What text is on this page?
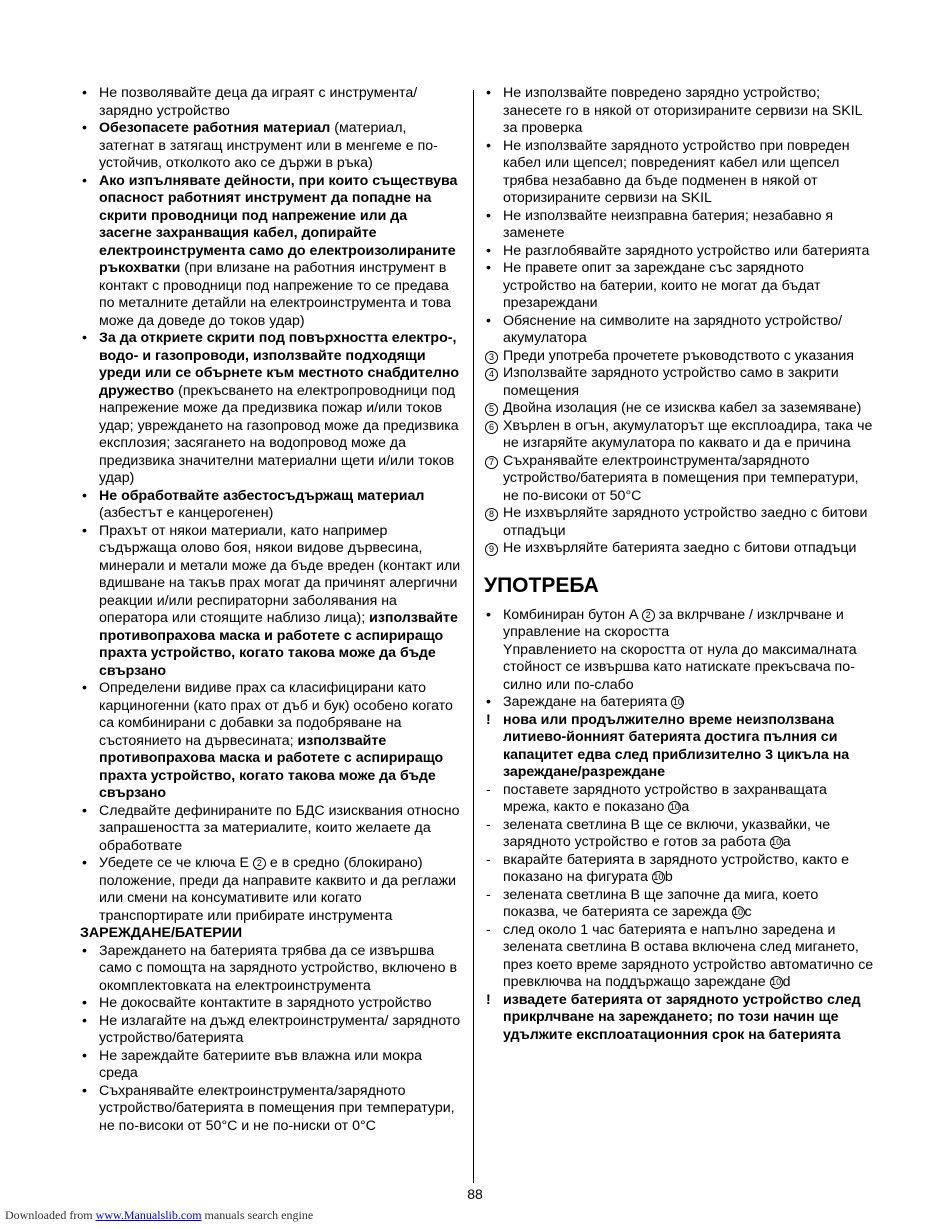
• Не позволявайте деца да играят с инструмента/ зарядно устройство
• Обезопасете работния материал (материал, затегнат в затягащ инструмент или в менгеме е по-устойчив, отколкото ако се държи в ръка)
• Ако изпълнявате дейности, при които съществува опасност работният инструмент да попадне на скрити проводници под напрежение или да засегне захранващия кабел, допирайте електроинструмента само до електроизолираните ръкохватки (при влизане на работния инструмент в контакт с проводници под напрежение то се предава по металните детайли на електроинструмента и това може да доведе до токов удар)
• За да откриете скрити под повърхността електро-, водо- и газопроводи, използвайте подходящи уреди или се обърнете към местното снабдително дружество (прекъсването на електропроводници под напрежение може да предизвика пожар и/или токов удар; увреждането на газопровод може да предизвика експлозия; засягането на водопровод може да предизвика значителни материални щети и/или токов удар)
• Не обработвайте азбестосъдържащ материал (азбестът е канцерогенен)
• Прахът от някои материали, като например съдържаща олово боя, някои видове дървесина, минерали и метали може да бъде вреден (контакт или вдишване на такъв прах могат да причинят алергични реакции и/или респираторни заболявания на оператора или стоящите наблизо лица); използвайте противопрахова маска и работете с аспириращо прахта устройство, когато такова може да бъде свързано
• Определени видиве прах са класифицирани като карциногенни (като прах от дъб и бук) особено когато са комбинирани с добавки за подобряване на състоянието на дървесината; използвайте противопрахова маска и работете с аспириращо прахта устройство, когато такова може да бъде свързано
• Следвайте дефинираните по БДС изисквания относно запрашеността за материалите, които желаете да обработвате
• Убедете се че ключа E 2 е в средно (блокирано) положение, преди да направите каквито и да реглажи или смени на консумативите или когато транспортирате или прибирате инструмента
ЗАРЕЖДАНЕ/БАТЕРИИ
• Зареждането на батерията трябва да се извършва само с помощта на зарядното устройство, включено в окомплектовката на електроинструмента
• Не докосвайте контактите в зарядното устройство
• Не излагайте на дъжд електроинструмента/ зарядното устройство/батерията
• Не зареждайте батериите във влажна или мокра среда
• Съхранявайте електроинструмента/зарядното устройство/батерията в помещения при температури, не по-високи от 50°C и не по-ниски от 0°C
• Не използвайте повредено зарядно устройство; занесете го в някой от оторизираните сервизи на SKIL за проверка
• Не използвайте зарядното устройство при повреден кабел или щепсел; повреденият кабел или щепсел трябва незабавно да бъде подменен в някой от оторизираните сервизи на SKIL
• Не използвайте неизправна батерия; незабавно я заменете
• Не разглобявайте зарядното устройство или батерията
• Не правете опит за зареждане със зарядното устройство на батерии, които не могат да бъдат презареждани
• Обяснение на символите на зарядното устройство/ акумулатора
3 Преди употреба прочетете ръководството с указания
4 Използвайте зарядното устройство само в закрити помещения
5 Двойна изолация (не се изисква кабел за заземяване)
6 Хвърлен в огън, акумулаторът ще експлоадира, така че не изгаряйте акумулатора по каквато и да е причина
7 Съхранявайте електроинструмента/зарядното устройство/батерията в помещения при температури, не по-високи от 50°C
8 Не изхвърляйте зарядното устройство заедно с битови отпадъци
9 Не изхвърляйте батерията заедно с битови отпадъци
УПОТРЕБА
• Комбиниран бутон A 2 за вклрчване / изклрчване и управление на скоростта
Yправлението на скоростта от нула до максималната стойност се извършва като натискате прекъсвача по-силно или по-слабо
• Зареждане на батерията 10
! нова или продължително време неизползвана литиево-йонният батерията достига пълния си капацитет едва след приблизително 3 цикъла на зареждане/разреждане
- поставете зарядното устройство в захранващата мрежа, както е показано 10 a
- зелената светлина B ще се включи, указвайки, че зарядното устройство е готов за работа 10 a
- вкарайте батерията в зарядното устройство, както е показано на фигурата 10 b
- зелената светлина B ще започне да мига, което показва, че батерията се зарежда 10 c
- след около 1 час батерията е напълно заредена и зелената светлина B остава включена след мигането, през което време зарядното устройство автоматично се превключва на поддържащо зареждане 10 d
! извадете батерията от зарядното устройство след прикрлчване на зареждането; по този начин ще удължите експлоатационния срок на батерията
88
Downloaded from www.Manualslib.com manuals search engine
